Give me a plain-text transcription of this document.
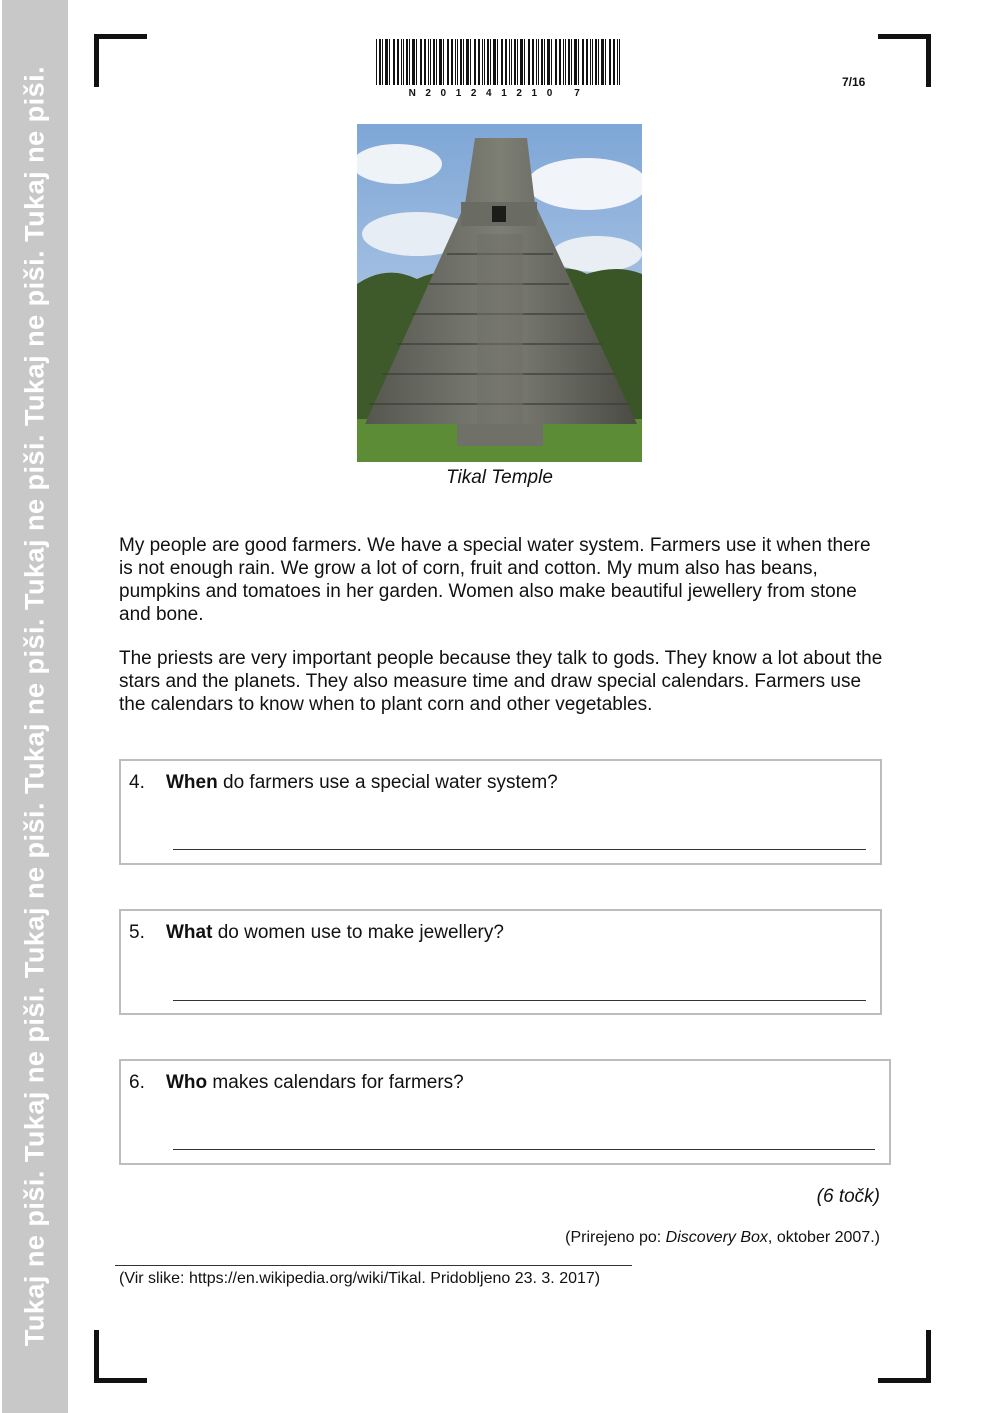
Tukaj ne piši. Tukaj ne piši. Tukaj ne piši. Tukaj ne piši. Tukaj ne piši. Tukaj ne piši. Tukaj ne piši.	N201241210 7
7/16
Tikal Temple

My people are good farmers. We have a special water system. Farmers use it when there is not enough rain. We grow a lot of corn, fruit and cotton. My mum also has beans, pumpkins and tomatoes in her garden. Women also make beautiful jewellery from stone and bone.

The priests are very important people because they talk to gods. They know a lot about the stars and the planets. They also measure time and draw special calendars. Farmers use the calendars to know when to plant corn and other vegetables.

4. When do farmers use a special water system?
5. What do women use to make jewellery?
6. Who makes calendars for farmers?
(6 točk)
(Prirejeno po: Discovery Box, oktober 2007.)
(Vir slike: https://en.wikipedia.org/wiki/Tikal. Pridobljeno 23. 3. 2017)
